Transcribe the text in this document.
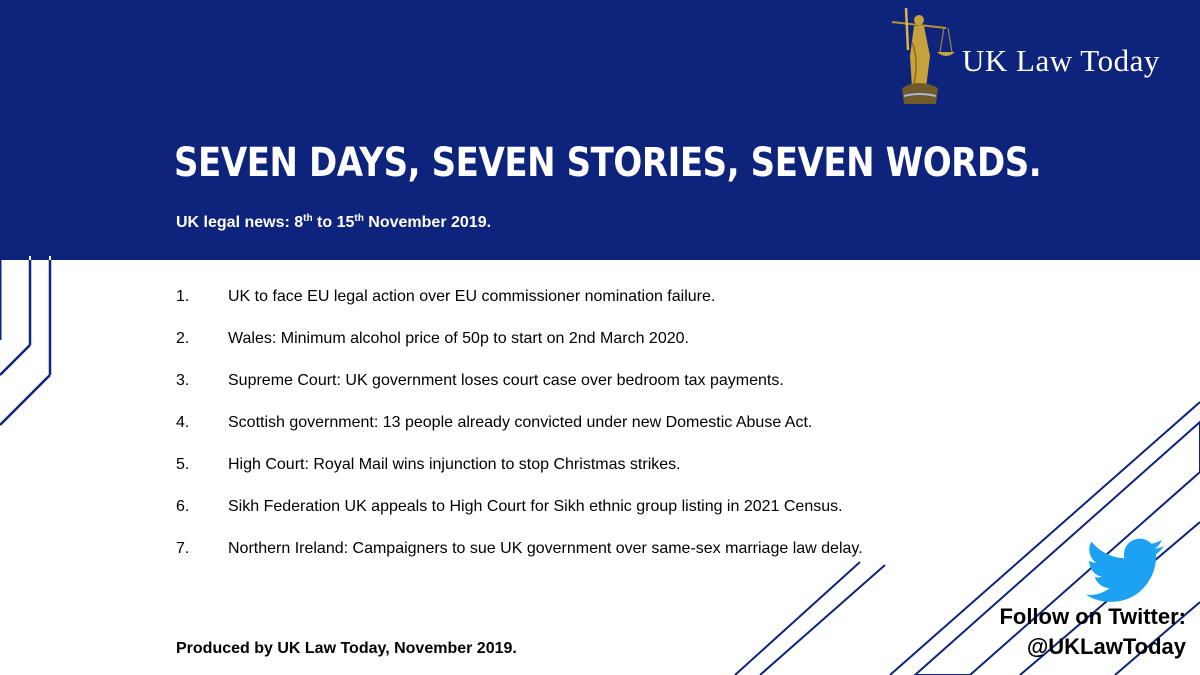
UK Law Today
SEVEN DAYS, SEVEN STORIES, SEVEN WORDS.
UK legal news: 8th to 15th November 2019.
1. UK to face EU legal action over EU commissioner nomination failure.
2. Wales: Minimum alcohol price of 50p to start on 2nd March 2020.
3. Supreme Court: UK government loses court case over bedroom tax payments.
4. Scottish government: 13 people already convicted under new Domestic Abuse Act.
5. High Court: Royal Mail wins injunction to stop Christmas strikes.
6. Sikh Federation UK appeals to High Court for Sikh ethnic group listing in 2021 Census.
7. Northern Ireland: Campaigners to sue UK government over same-sex marriage law delay.
Produced by UK Law Today, November 2019.
Follow on Twitter:
@UKLawToday
